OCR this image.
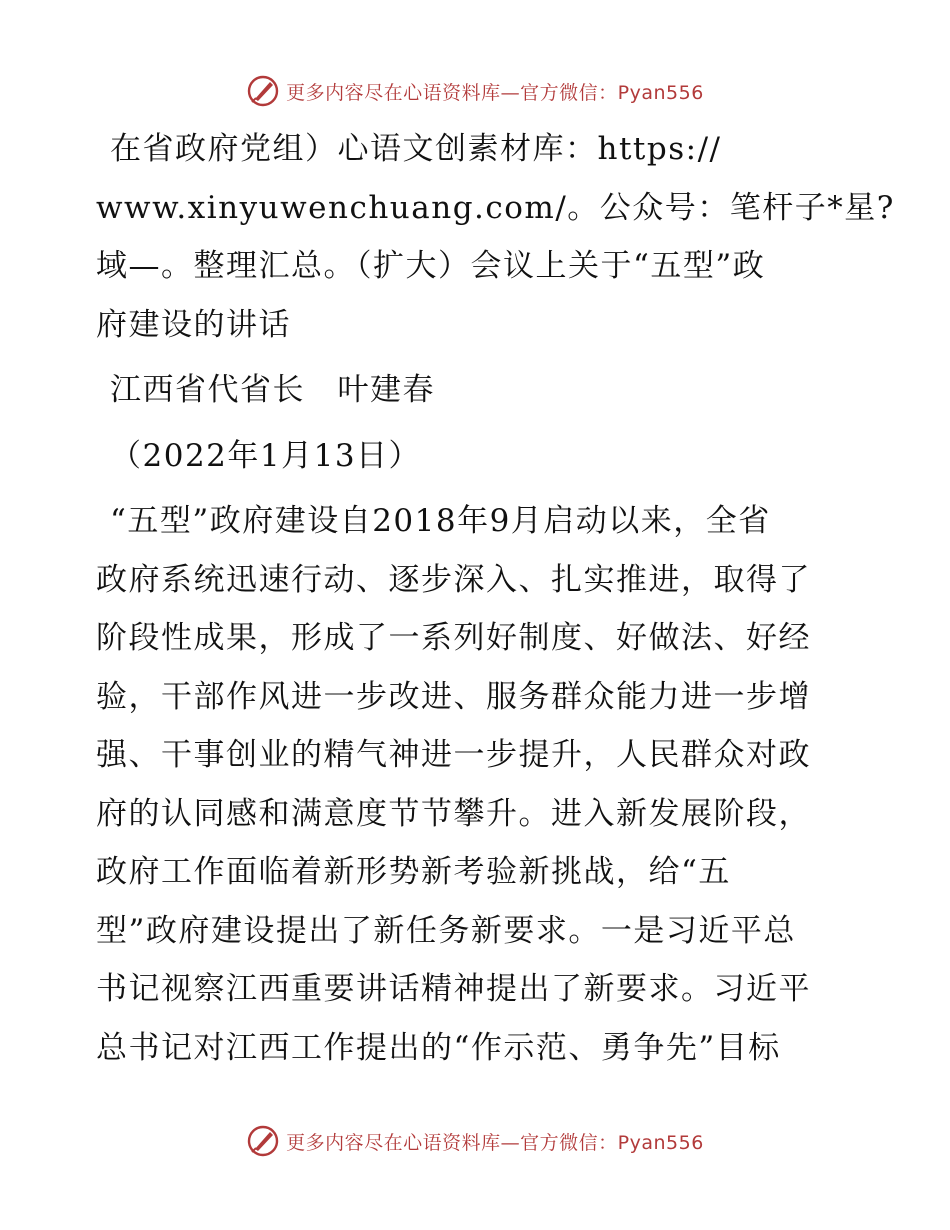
更多内容尽在心语资料库—官方微信：Pyan556
在省政府党组）心语文创素材库：https://
www.xinyuwenchuang.com/。公众号：笔杆子*星?
域—。整理汇总。（扩大）会议上关于“五型”政
府建设的讲话
江西省代省长　叶建春
（2022年1月13日）
“五型”政府建设自2018年9月启动以来，全省
政府系统迅速行动、逐步深入、扎实推进，取得了
阶段性成果，形成了一系列好制度、好做法、好经
验，干部作风进一步改进、服务群众能力进一步增
强、干事创业的精气神进一步提升，人民群众对政
府的认同感和满意度节节攀升。进入新发展阶段，
政府工作面临着新形势新考验新挑战，给“五
型”政府建设提出了新任务新要求。一是习近平总
书记视察江西重要讲话精神提出了新要求。习近平
总书记对江西工作提出的“作示范、勇争先”目标
更多内容尽在心语资料库—官方微信：Pyan556
